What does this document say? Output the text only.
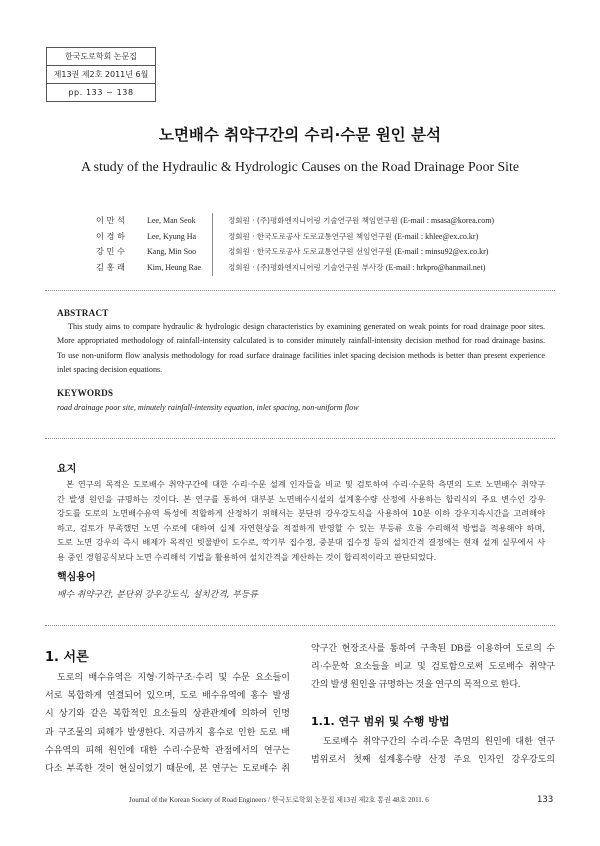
한국도로학회 논문집
제13권 제2호 2011년 6월
pp. 133 ~ 138
노면배수 취약구간의 수리·수문 원인 분석
A study of the Hydraulic & Hydrologic Causes on the Road Drainage Poor Site
이 만 석	Lee, Man Seok	정회원 · (주)평화엔지니어링 기술연구원 책임연구원 (E-mail : msasa@korea.com)
이 경 하	Lee, Kyung Ha	정회원 · 한국도로공사 도로교통연구원 책임연구원 (E-mail : khlee@ex.co.kr)
강 민 수	Kang, Min Soo	정회원 · 한국도로공사 도로교통연구원 선임연구원 (E-mail : minsu92@ex.co.kr)
김 홍 래	Kim, Heung Rae	정회원 · (주)평화엔지니어링 기술연구원 부사장 (E-mail : hrkpro@hanmail.net)
ABSTRACT
This study aims to compare hydraulic & hydrologic design characteristics by examining generated on weak points for road drainage poor sites.
More appropriated methodology of rainfall-intensity calculated is to consider minutely rainfall-intensity decision method for road drainage basins.
To use non-uniform flow analysis methodology for road surface drainage facilities inlet spacing decision methods is better than present experience
inlet spacing decision equations.
KEYWORDS
road drainage poor site, minutely rainfall-intensity equation, inlet spacing, non-uniform flow
요지
본 연구의 목적은 도로배수 취약구간에 대한 수리·수문 설계 인자들을 비교 및 검토하여 수리·수문학 측면의 도로 노면배수 취약구
간 발생 원인을 규명하는 것이다. 본 연구를 통하여 대부분 노면배수시설의 설계홍수량 산정에 사용하는 합리식의 주요 변수인 강우
강도를 도로의 노면배수유역 특성에 적합하게 산정하기 위해서는 분단위 강우강도식을 사용하여 10분 이하 강우지속시간을 고려해야
하고, 검토가 부족했던 노면 수로에 대하여 실제 자연현상을 적절하게 반영할 수 있는 부등류 흐름 수리해석 방법을 적용해야 하며,
도로 노면 강우의 즉시 배제가 목적인 빗물받이 도수로, 깍기부 집수정, 중분대 집수정 등의 설치간격 결정에는 현재 설계 실무에서 사
용 중인 경험공식보다 노면 수리해석 기법을 활용하여 설치간격을 계산하는 것이 합리적이라고 판단되었다.
핵심용어
배수 취약구간, 분단위 강우강도식, 설치간격, 부등류
1. 서론
도로의 배수유역은 지형·기하구조·수리 및 수문 요소들이
서로 복합하게 연결되어 있으며, 도로 배수유역에 홍수 발생
시 상기와 같은 복합적인 요소들의 상관관계에 의하여 인명
과 구조물의 피해가 발생한다. 지금까지 홍수로 인한 도로 배
수유역의 피해 원인에 대한 수리·수문학 관점에서의 연구는
다소 부족한 것이 현실이었기 때문에, 본 연구는 도로배수 취
약구간 현장조사를 통하여 구축된 DB를 이용하여 도로의 수
리·수문학 요소들을 비교 및 검토함으로써 도로배수 취약구
간의 발생 원인을 규명하는 것을 연구의 목적으로 한다.
1.1. 연구 범위 및 수행 방법
도로배수 취약구간의 수리·수문 측면의 원인에 대한 연구
범위로서 첫째 설계홍수량 산정 주요 인자인 강우강도의
Journal of the Korean Society of Road Engineers / 한국도로학회 논문집 제13권 제2호 통권 48호 2011. 6	133
